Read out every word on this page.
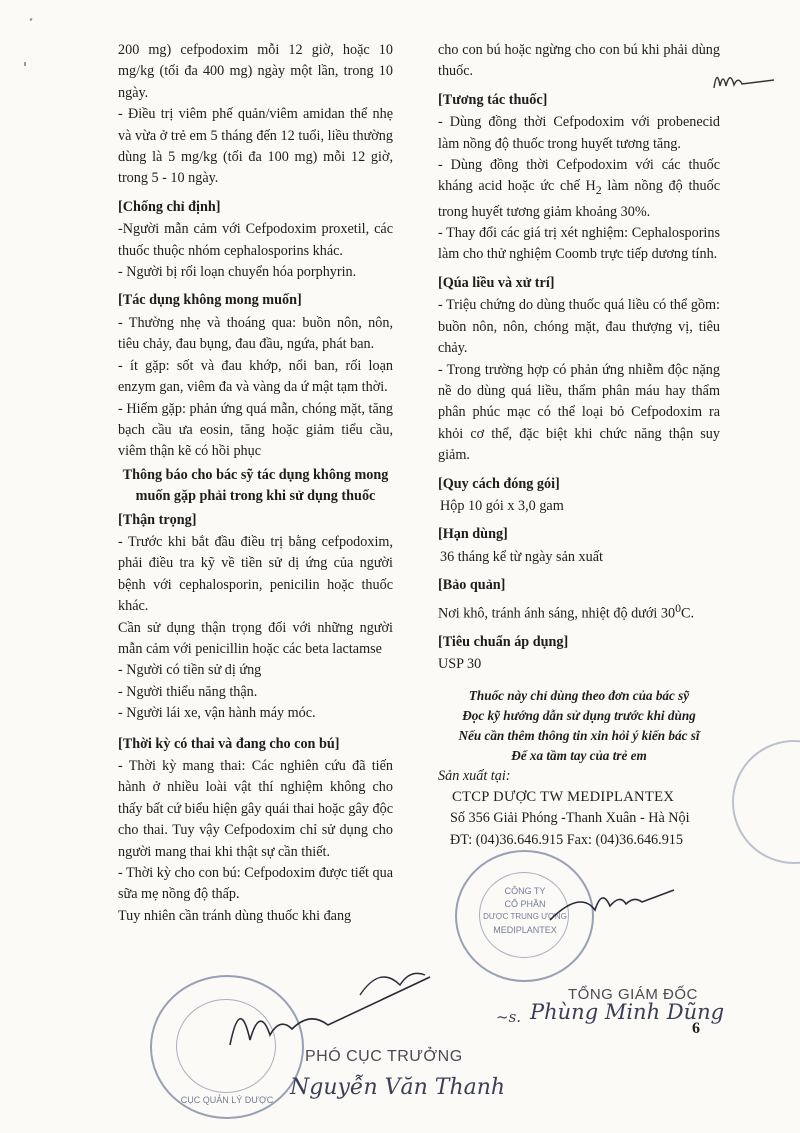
200 mg) cefpodoxim mỗi 12 giờ, hoặc 10 mg/kg (tối đa 400 mg) ngày một lần, trong 10 ngày.

- Điều trị viêm phế quản/viêm amidan thể nhẹ và vừa ở trẻ em 5 tháng đến 12 tuổi, liều thường dùng là 5 mg/kg (tối đa 100 mg) mỗi 12 giờ, trong 5 - 10 ngày.

[Chống chỉ định]

-Người mẫn cảm với Cefpodoxim proxetil, các thuốc thuộc nhóm cephalosporins khác.

- Người bị rối loạn chuyển hóa porphyrin.

[Tác dụng không mong muốn]

- Thường nhẹ và thoáng qua: buồn nôn, nôn, tiêu chảy, đau bụng, đau đầu, ngứa, phát ban.

- ít gặp: sốt và đau khớp, nổi ban, rối loạn enzym gan, viêm đa và vàng da ứ mật tạm thời.

- Hiếm gặp: phản ứng quá mẫn, chóng mặt, tăng bạch cầu ưa eosin, tăng hoặc giảm tiểu cầu, viêm thận kẽ có hồi phục

Thông báo cho bác sỹ tác dụng không mong muốn gặp phải trong khi sử dụng thuốc

[Thận trọng]

- Trước khi bắt đầu điều trị bằng cefpodoxim, phải điều tra kỹ về tiền sử dị ứng của người bệnh với cephalosporin, penicilin hoặc thuốc khác.

Cần sử dụng thận trọng đối với những người mẫn cảm với penicillin hoặc các beta lactamse

- Người có tiền sử dị ứng

- Người thiểu năng thận.

- Người lái xe, vận hành máy móc.

[Thời kỳ có thai và đang cho con bú]

- Thời kỳ mang thai: Các nghiên cứu đã tiến hành ở nhiều loài vật thí nghiệm không cho thấy bất cứ biểu hiện gây quái thai hoặc gây độc cho thai. Tuy vậy Cefpodoxim chỉ sử dụng cho người mang thai khi thật sự cần thiết.

- Thời kỳ cho con bú: Cefpodoxim được tiết qua sữa mẹ nồng độ thấp.

Tuy nhiên cần tránh dùng thuốc khi đang

cho con bú hoặc ngừng cho con bú khi phải dùng thuốc.

[Tương tác thuốc]

- Dùng đồng thời Cefpodoxim với probenecid làm nồng độ thuốc trong huyết tương tăng.

- Dùng đồng thời Cefpodoxim với các thuốc kháng acid hoặc ức chế $H_2$ làm nồng độ thuốc trong huyết tương giảm khoảng 30%.

- Thay đổi các giá trị xét nghiệm: Cephalosporins làm cho thử nghiệm Coomb trực tiếp dương tính.

[Qúa liều và xử trí]

- Triệu chứng do dùng thuốc quá liều có thể gồm: buồn nôn, nôn, chóng mặt, đau thượng vị, tiêu chảy.

- Trong trường hợp có phản ứng nhiễm độc nặng nề do dùng quá liều, thẩm phân máu hay thẩm phân phúc mạc có thể loại bỏ Cefpodoxim ra khỏi cơ thể, đặc biệt khi chức năng thận suy giảm.

[Quy cách đóng gói]

Hộp 10 gói x 3,0 gam

[Hạn dùng]

36 tháng kể từ ngày sản xuất

[Bảo quản]

Nơi khô, tránh ánh sáng, nhiệt độ dưới $30^0C$.

[Tiêu chuẩn áp dụng]

USP 30

Thuốc này chỉ dùng theo đơn của bác sỹ

Đọc kỹ hướng dẫn sử dụng trước khi dùng

Nếu cần thêm thông tin xin hỏi ý kiến bác sĩ

Để xa tầm tay của trẻ em

Sản xuất tại:

CTCP DƯỢC TW MEDIPLANTEX

Số 356 Giải Phóng -Thanh Xuân - Hà Nội

ĐT: (04)36.646.915 Fax: (04)36.646.915

CÔNG TY
CỔ PHẦN
DƯỢC TRUNG ƯƠNG
MEDIPLANTEX
TỔNG GIÁM ĐỐC
~s. Phùng Minh Dũng
6
CỤC QUẢN LÝ DƯỢC
PHÓ CỤC TRƯỞNG
Nguyễn Văn Thanh
